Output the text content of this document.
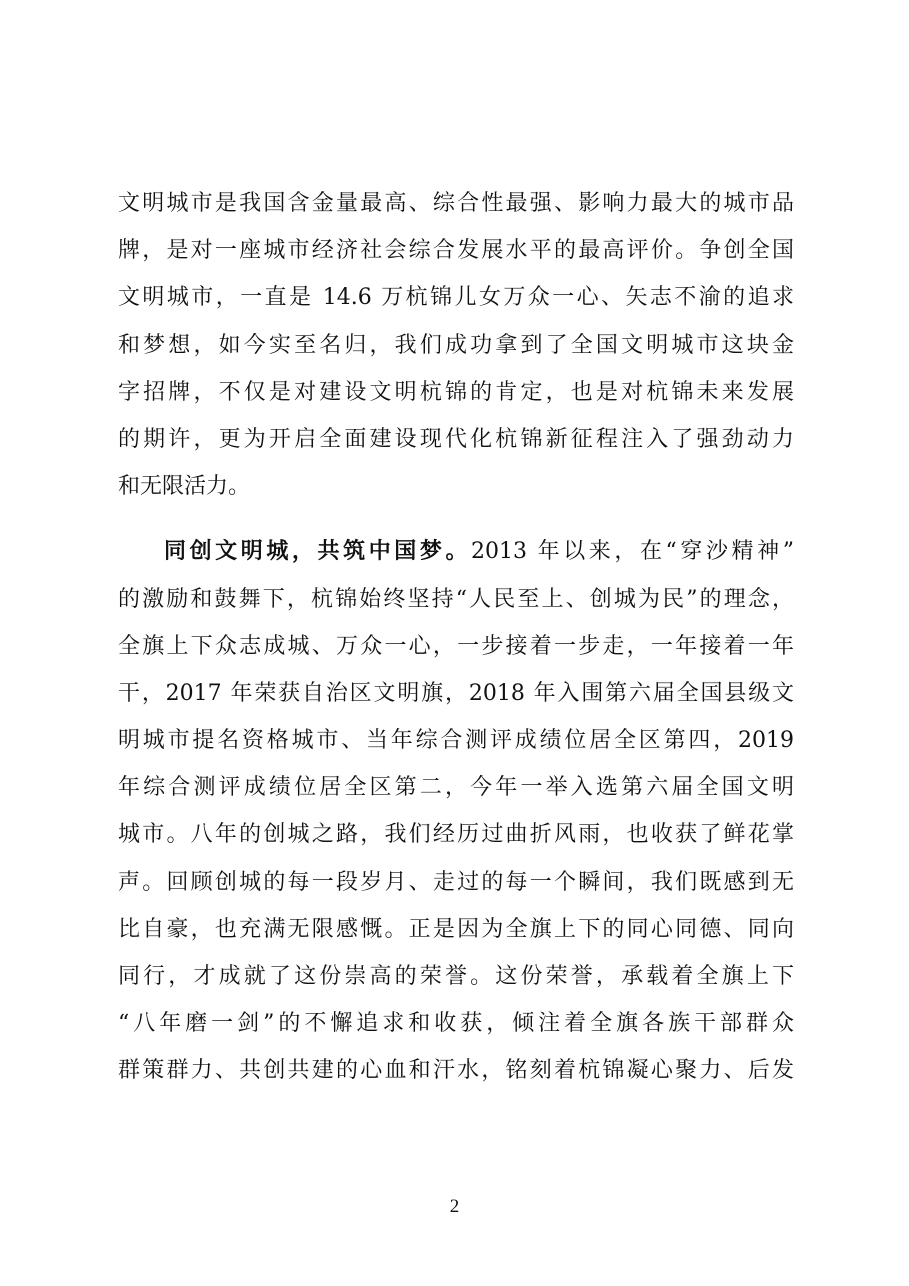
文明城市是我国含金量最高、综合性最强、影响力最大的城市品
牌，是对一座城市经济社会综合发展水平的最高评价。争创全国
文明城市，一直是 14.6 万杭锦儿女万众一心、矢志不渝的追求
和梦想，如今实至名归，我们成功拿到了全国文明城市这块金
字招牌，不仅是对建设文明杭锦的肯定，也是对杭锦未来发展
的期许，更为开启全面建设现代化杭锦新征程注入了强劲动力
和无限活力。
同创文明城，共筑中国梦。2013 年以来，在“穿沙精神”
的激励和鼓舞下，杭锦始终坚持“人民至上、创城为民”的理念，
全旗上下众志成城、万众一心，一步接着一步走，一年接着一年
干，2017 年荣获自治区文明旗，2018 年入围第六届全国县级文
明城市提名资格城市、当年综合测评成绩位居全区第四，2019
年综合测评成绩位居全区第二，今年一举入选第六届全国文明
城市。八年的创城之路，我们经历过曲折风雨，也收获了鲜花掌
声。回顾创城的每一段岁月、走过的每一个瞬间，我们既感到无
比自豪，也充满无限感慨。正是因为全旗上下的同心同德、同向
同行，才成就了这份崇高的荣誉。这份荣誉，承载着全旗上下
“八年磨一剑”的不懈追求和收获，倾注着全旗各族干部群众
群策群力、共创共建的心血和汗水，铭刻着杭锦凝心聚力、后发
2
